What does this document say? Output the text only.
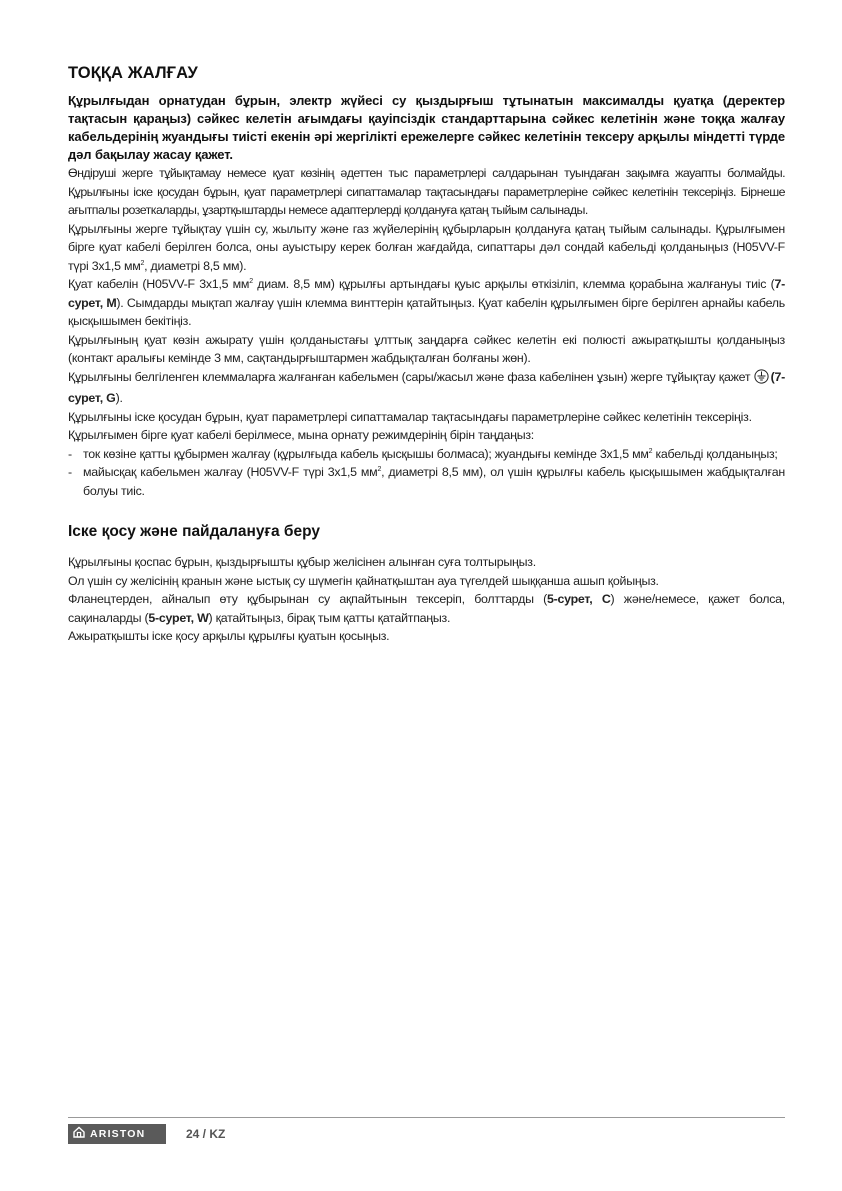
ТОҚҚА ЖАЛҒАУ

Құрылғыдан орнатудан бұрын, электр жүйесі су қыздырғыш тұтынатын максималды қуатқа (деректер тақтасын қараңыз) сәйкес келетін ағымдағы қауіпсіздік стандарттарына сәйкес келетінін және тоққа жалғау кабельдерінің жуандығы тиісті екенін әрі жергілікті ережелерге сәйкес келетінін тексеру арқылы міндетті түрде дәл бақылау жасау қажет.

Өндіруші жерге тұйықтамау немесе қуат көзінің әдеттен тыс параметрлері салдарынан туындаған зақымға жауапты болмайды. Құрылғыны іске қосудан бұрын, қуат параметрлері сипаттамалар тақтасындағы параметрлеріне сәйкес келетінін тексеріңіз. Бірнеше ағытпалы розеткаларды, ұзартқыштарды немесе адаптерлерді қолдануға қатаң тыйым салынады.

Құрылғыны жерге тұйықтау үшін су, жылыту және газ жүйелерінің құбырларын қолдануға қатаң тыйым салынады. Құрылғымен бірге қуат кабелі берілген болса, оны ауыстыру керек болған жағдайда, сипаттары дәл сондай кабельді қолданыңыз (H05VV-F түрі 3x1,5 $мм^2$, диаметрі 8,5 мм).

Қуат кабелін (H05VV-F 3x1,5 $мм^2$ диам. 8,5 мм) құрылғы артындағы қуыс арқылы өткізіліп, клемма қорабына жалғануы тиіс (7-сурет, M). Сымдарды мықтап жалғау үшін клемма винттерін қатайтыңыз. Қуат кабелін құрылғымен бірге берілген арнайы кабель қысқышымен бекітіңіз.

Құрылғының қуат көзін ажырату үшін қолданыстағы ұлттық заңдарға сәйкес келетін екі полюсті ажыратқышты қолданыңыз (контакт аралығы кемінде 3 мм, сақтандырғыштармен жабдықталған болғаны жөн).

Құрылғыны белгіленген клеммаларға жалғанған кабельмен (сары/жасыл және фаза кабелінен ұзын) жерге тұйықтау қажет (7-сурет, G).

Құрылғыны іске қосудан бұрын, қуат параметрлері сипаттамалар тақтасындағы параметрлеріне сәйкес келетінін тексеріңіз.

Құрылғымен бірге қуат кабелі берілмесе, мына орнату режимдерінің бірін таңдаңыз:

- ток көзіне қатты құбырмен жалғау (құрылғыда кабель қысқышы болмаса); жуандығы кемінде 3x1,5 $мм^2$ кабельді қолданыңыз;
- майысқақ кабельмен жалғау (H05VV-F түрі 3x1,5 $мм^2$, диаметрі 8,5 мм), ол үшін құрылғы кабель қысқышымен жабдықталған болуы тиіс.
Іске қосу және пайдалануға беру

Құрылғыны қоспас бұрын, қыздырғышты құбыр желісінен алынған суға толтырыңыз.

Ол үшін су желісінің кранын және ыстық су шүмегін қайнатқыштан ауа түгелдей шыққанша ашып қойыңыз.

Фланецтерден, айналып өту құбырынан су ақпайтынын тексеріп, болттарды (5-сурет, C) және/немесе, қажет болса, сақиналарды (5-сурет, W) қатайтыңыз, бірақ тым қатты қатайтпаңыз.

Ажыратқышты іске қосу арқылы құрылғы қуатын қосыңыз.

ARISTON	24 / KZ
